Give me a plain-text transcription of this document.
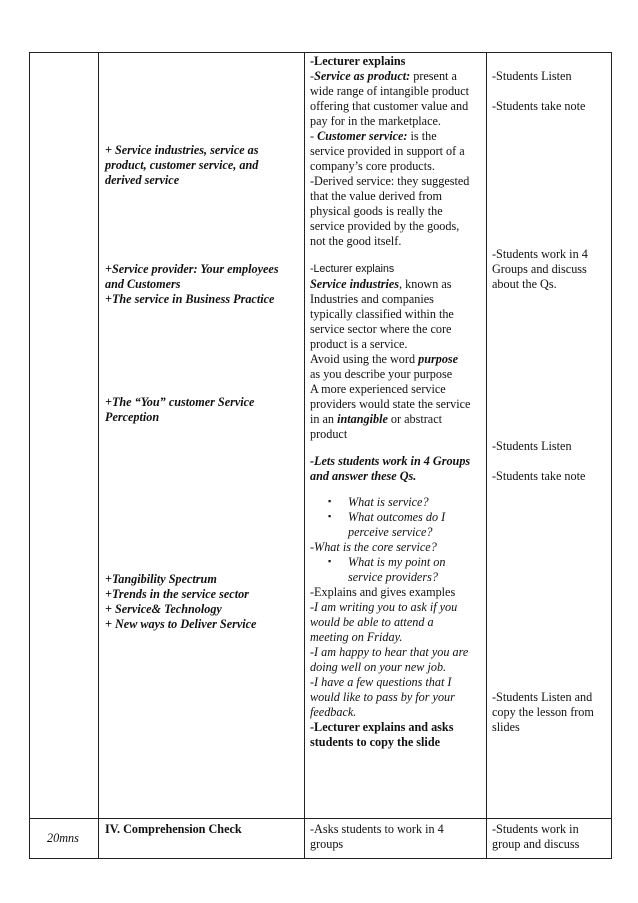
+ Service industries, service as
product, customer service, and
derived service
+Service provider: Your employees
and Customers
+The service in Business Practice
+The “You” customer Service
Perception
+Tangibility Spectrum
+Trends in the service sector
+ Service& Technology
+ New ways to Deliver Service
-Lecturer explains
-Service as product: present a
wide range of intangible product
offering that customer value and
pay for in the marketplace.
- Customer service: is the
service provided in support of a
company’s core products.
-Derived service: they suggested
that the value derived from
physical goods is really the
service provided by the goods,
not the good itself.
-Lecturer explains
Service industries, known as
Industries and companies
typically classified within the
service sector where the core
product is a service.
Avoid using the word purpose
as you describe your purpose
A more experienced service
providers would state the service
in an intangible or abstract
product
-Lets students work in 4 Groups
and answer these Qs.
▪ What is service?
▪ What outcomes do I
perceive service?
-What is the core service?
▪ What is my point on
service providers?
-Explains and gives examples
-I am writing you to ask if you
would be able to attend a
meeting on Friday.
-I am happy to hear that you are
doing well on your new job.
-I have a few questions that I
would like to pass by for your
feedback.
-Lecturer explains and asks
students to copy the slide
-Students Listen
-Students take note
-Students work in 4
Groups and discuss
about the Qs.
-Students Listen
-Students take note
-Students Listen and
copy the lesson from
slides
20mns
IV. Comprehension Check	-Asks students to work in 4
groups
-Students work in
group and discuss
